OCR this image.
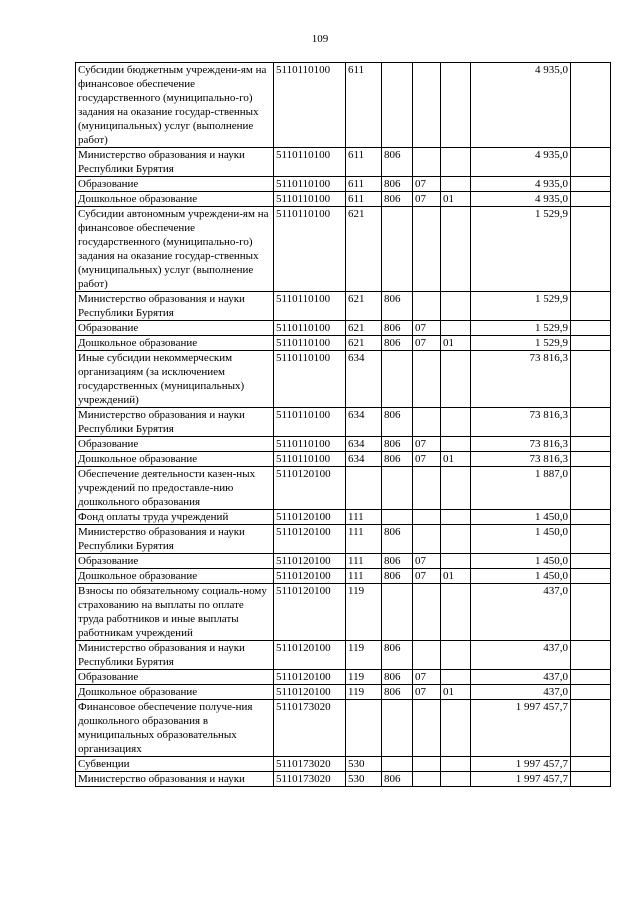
109
Субсидии бюджетным учреждени-ям на финансовое обеспечение государственного (муниципально-го) задания на оказание государ-ственных (муниципальных) услуг (выполнение работ)	5110110100	611				4 935,0	
Министерство образования и науки Республики Бурятия	5110110100	611	806			4 935,0	
Образование	5110110100	611	806	07		4 935,0	
Дошкольное образование	5110110100	611	806	07	01	4 935,0	
Субсидии автономным учреждени-ям на финансовое обеспечение государственного (муниципально-го) задания на оказание государ-ственных (муниципальных) услуг (выполнение работ)	5110110100	621				1 529,9	
Министерство образования и науки Республики Бурятия	5110110100	621	806			1 529,9	
Образование	5110110100	621	806	07		1 529,9	
Дошкольное образование	5110110100	621	806	07	01	1 529,9	
Иные субсидии некоммерческим организациям (за исключением государственных (муниципальных) учреждений)	5110110100	634				73 816,3	
Министерство образования и науки Республики Бурятия	5110110100	634	806			73 816,3	
Образование	5110110100	634	806	07		73 816,3	
Дошкольное образование	5110110100	634	806	07	01	73 816,3	
Обеспечение деятельности казен-ных учреждений по предоставле-нию дошкольного образования	5110120100					1 887,0	
Фонд оплаты труда учреждений	5110120100	111				1 450,0	
Министерство образования и науки Республики Бурятия	5110120100	111	806			1 450,0	
Образование	5110120100	111	806	07		1 450,0	
Дошкольное образование	5110120100	111	806	07	01	1 450,0	
Взносы по обязательному социаль-ному страхованию на выплаты по оплате труда работников и иные выплаты работникам учреждений	5110120100	119				437,0	
Министерство образования и науки Республики Бурятия	5110120100	119	806			437,0	
Образование	5110120100	119	806	07		437,0	
Дошкольное образование	5110120100	119	806	07	01	437,0	
Финансовое обеспечение получе-ния дошкольного образования в муниципальных образовательных организациях	5110173020					1 997 457,7	
Субвенции	5110173020	530				1 997 457,7	
Министерство образования и науки	5110173020	530	806			1 997 457,7	
